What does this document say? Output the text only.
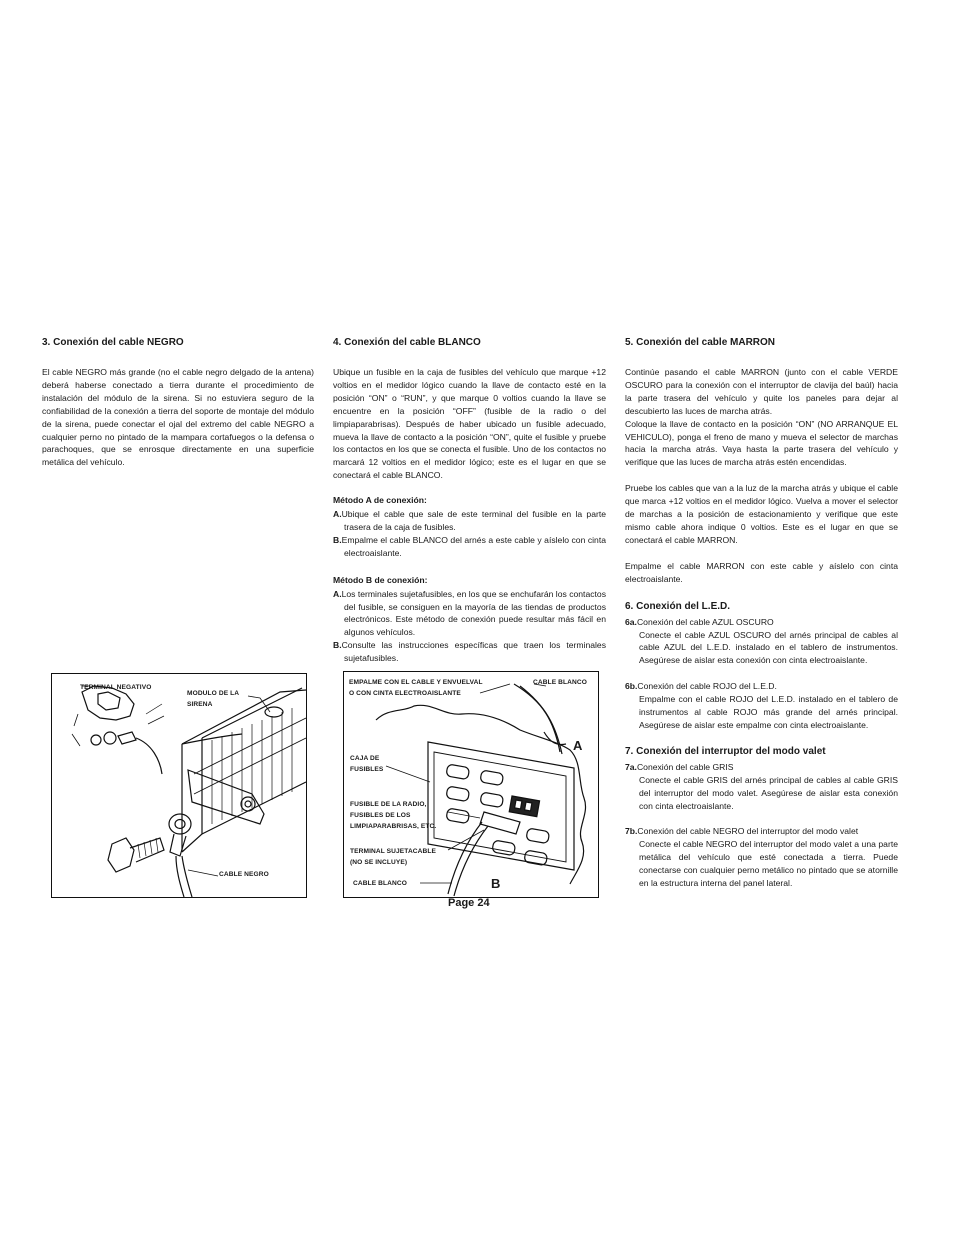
3. Conexión del cable NEGRO

El cable NEGRO más grande (no el cable negro delgado de la antena) deberá haberse conectado a tierra durante el procedimiento de instalación del módulo de la sirena. Si no estuviera seguro de la confiabilidad de la conexión a tierra del soporte de montaje del módulo de la sirena, puede conectar el ojal del extremo del cable NEGRO a cualquier perno no pintado de la mampara cortafuegos o la defensa o parachoques, que se enrosque directamente en una superficie metálica del vehículo.

4. Conexión del cable BLANCO

Ubique un fusible en la caja de fusibles del vehículo que marque +12 voltios en el medidor lógico cuando la llave de contacto esté en la posición “ON” o “RUN”, y que marque 0 voltios cuando la llave se encuentre en la posición “OFF” (fusible de la radio o del limpiaparabrisas). Después de haber ubicado un fusible adecuado, mueva la llave de contacto a la posición “ON”, quite el fusible y pruebe los contactos en los que se conecta el fusible. Uno de los contactos no marcará 12 voltios en el medidor lógico; este es el lugar en que se conectará el cable BLANCO.

Método A de conexión:

A.Ubique el cable que sale de este terminal del fusible en la parte trasera de la caja de fusibles.

B.Empalme el cable BLANCO del arnés a este cable y aíslelo con cinta electroaislante.

Método B de conexión:

A.Los terminales sujetafusibles, en los que se enchufarán los contactos del fusible, se consiguen en la mayoría de las tiendas de productos electrónicos. Este método de conexión puede resultar más fácil en algunos vehículos.

B.Consulte las instrucciones específicas que traen los terminales sujetafusibles.

5. Conexión del cable MARRON

Continúe pasando el cable MARRON (junto con el cable VERDE OSCURO para la conexión con el interruptor de clavija del baúl) hacia la parte trasera del vehículo y quite los paneles para dejar al descubierto las luces de marcha atrás.

Coloque la llave de contacto en la posición “ON” (NO ARRANQUE EL VEHICULO), ponga el freno de mano y mueva el selector de marchas hacia la marcha atrás. Vaya hasta la parte trasera del vehículo y verifique que las luces de marcha atrás estén encendidas.

Pruebe los cables que van a la luz de la marcha atrás y ubique el cable que marca +12 voltios en el medidor lógico. Vuelva a mover el selector de marchas a la posición de estacionamiento y verifique que este mismo cable ahora indique 0 voltios. Este es el lugar en que se conectará el cable MARRON.

Empalme el cable MARRON con este cable y aíslelo con cinta electroaislante.

6. Conexión del L.E.D.

6a.Conexión del cable AZUL OSCURO

Conecte el cable AZUL OSCURO del arnés principal de cables al cable AZUL del L.E.D. instalado en el tablero de instrumentos. Asegúrese de aislar esta conexión con cinta electroaislante.

6b.Conexión del cable ROJO del L.E.D.

Empalme con el cable ROJO del L.E.D. instalado en el tablero de instrumentos al cable ROJO más grande del arnés principal. Asegúrese de aislar este empalme con cinta electroaislante.

7. Conexión del interruptor del modo valet

7a.Conexión del cable GRIS

Conecte el cable GRIS del arnés principal de cables al cable GRIS del interruptor del modo valet. Asegúrese de aislar esta conexión con cinta electroaislante.

7b.Conexión del cable NEGRO del interruptor del modo valet

Conecte el cable NEGRO del interruptor del modo valet a una parte metálica del vehículo que esté conectada a tierra. Puede conectarse con cualquier perno metálico no pintado que se atornille en la estructura interna del panel lateral.

TERMINAL NEGATIVO
MODULO DE LA
SIRENA
CABLE NEGRO
EMPALME CON EL CABLE Y ENVUELVAL
O CON CINTA ELECTROAISLANTE
CABLE BLANCO
CAJA DE
FUSIBLES
FUSIBLE DE LA RADIO,
FUSIBLES DE LOS
LIMPIAPARABRISAS, ETC.
TERMINAL SUJETACABLE
(NO SE INCLUYE)
CABLE BLANCO
A
B
Page 24
